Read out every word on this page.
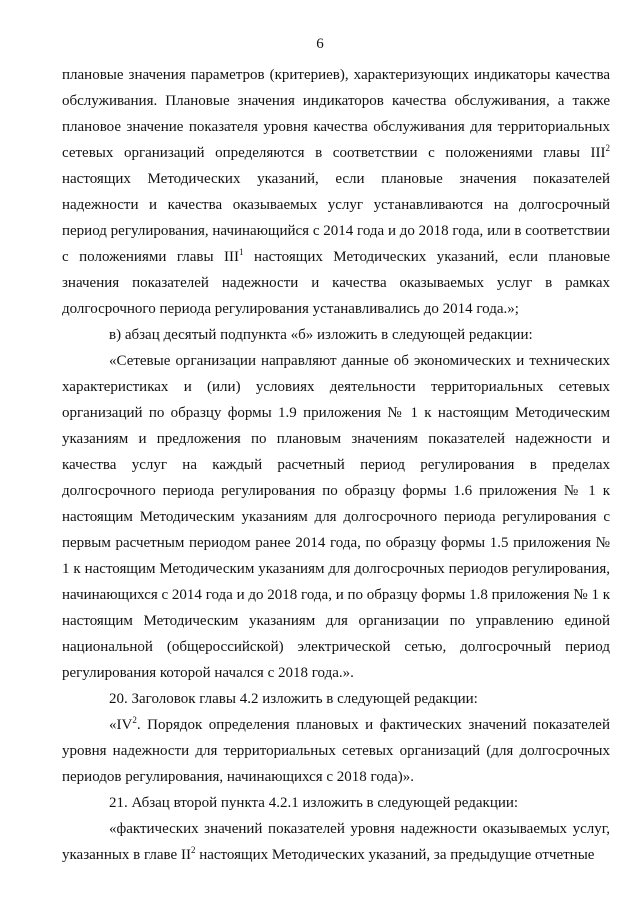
6

плановые значения параметров (критериев), характеризующих индикаторы качества обслуживания. Плановые значения индикаторов качества обслуживания, а также плановое значение показателя уровня качества обслуживания для территориальных сетевых организаций определяются в соответствии с положениями главы III$^2$ настоящих Методических указаний, если плановые значения показателей надежности и качества оказываемых услуг устанавливаются на долгосрочный период регулирования, начинающийся с 2014 года и до 2018 года, или в соответствии с положениями главы III$^1$ настоящих Методических указаний, если плановые значения показателей надежности и качества оказываемых услуг в рамках долгосрочного периода регулирования устанавливались до 2014 года.»;

в) абзац десятый подпункта «б» изложить в следующей редакции:

«Сетевые организации направляют данные об экономических и технических характеристиках и (или) условиях деятельности территориальных сетевых организаций по образцу формы 1.9 приложения № 1 к настоящим Методическим указаниям и предложения по плановым значениям показателей надежности и качества услуг на каждый расчетный период регулирования в пределах долгосрочного периода регулирования по образцу формы 1.6 приложения № 1 к настоящим Методическим указаниям для долгосрочного периода регулирования с первым расчетным периодом ранее 2014 года, по образцу формы 1.5 приложения № 1 к настоящим Методическим указаниям для долгосрочных периодов регулирования, начинающихся с 2014 года и до 2018 года, и по образцу формы 1.8 приложения № 1 к настоящим Методическим указаниям для организации по управлению единой национальной (общероссийской) электрической сетью, долгосрочный период регулирования которой начался с 2018 года.».

20. Заголовок главы 4.2 изложить в следующей редакции:

«$IV^2$. Порядок определения плановых и фактических значений показателей уровня надежности для территориальных сетевых организаций (для долгосрочных периодов регулирования, начинающихся с 2018 года)».

21. Абзац второй пункта 4.2.1 изложить в следующей редакции:

«фактических значений показателей уровня надежности оказываемых услуг, указанных в главе $II^2$ настоящих Методических указаний, за предыдущие отчетные
